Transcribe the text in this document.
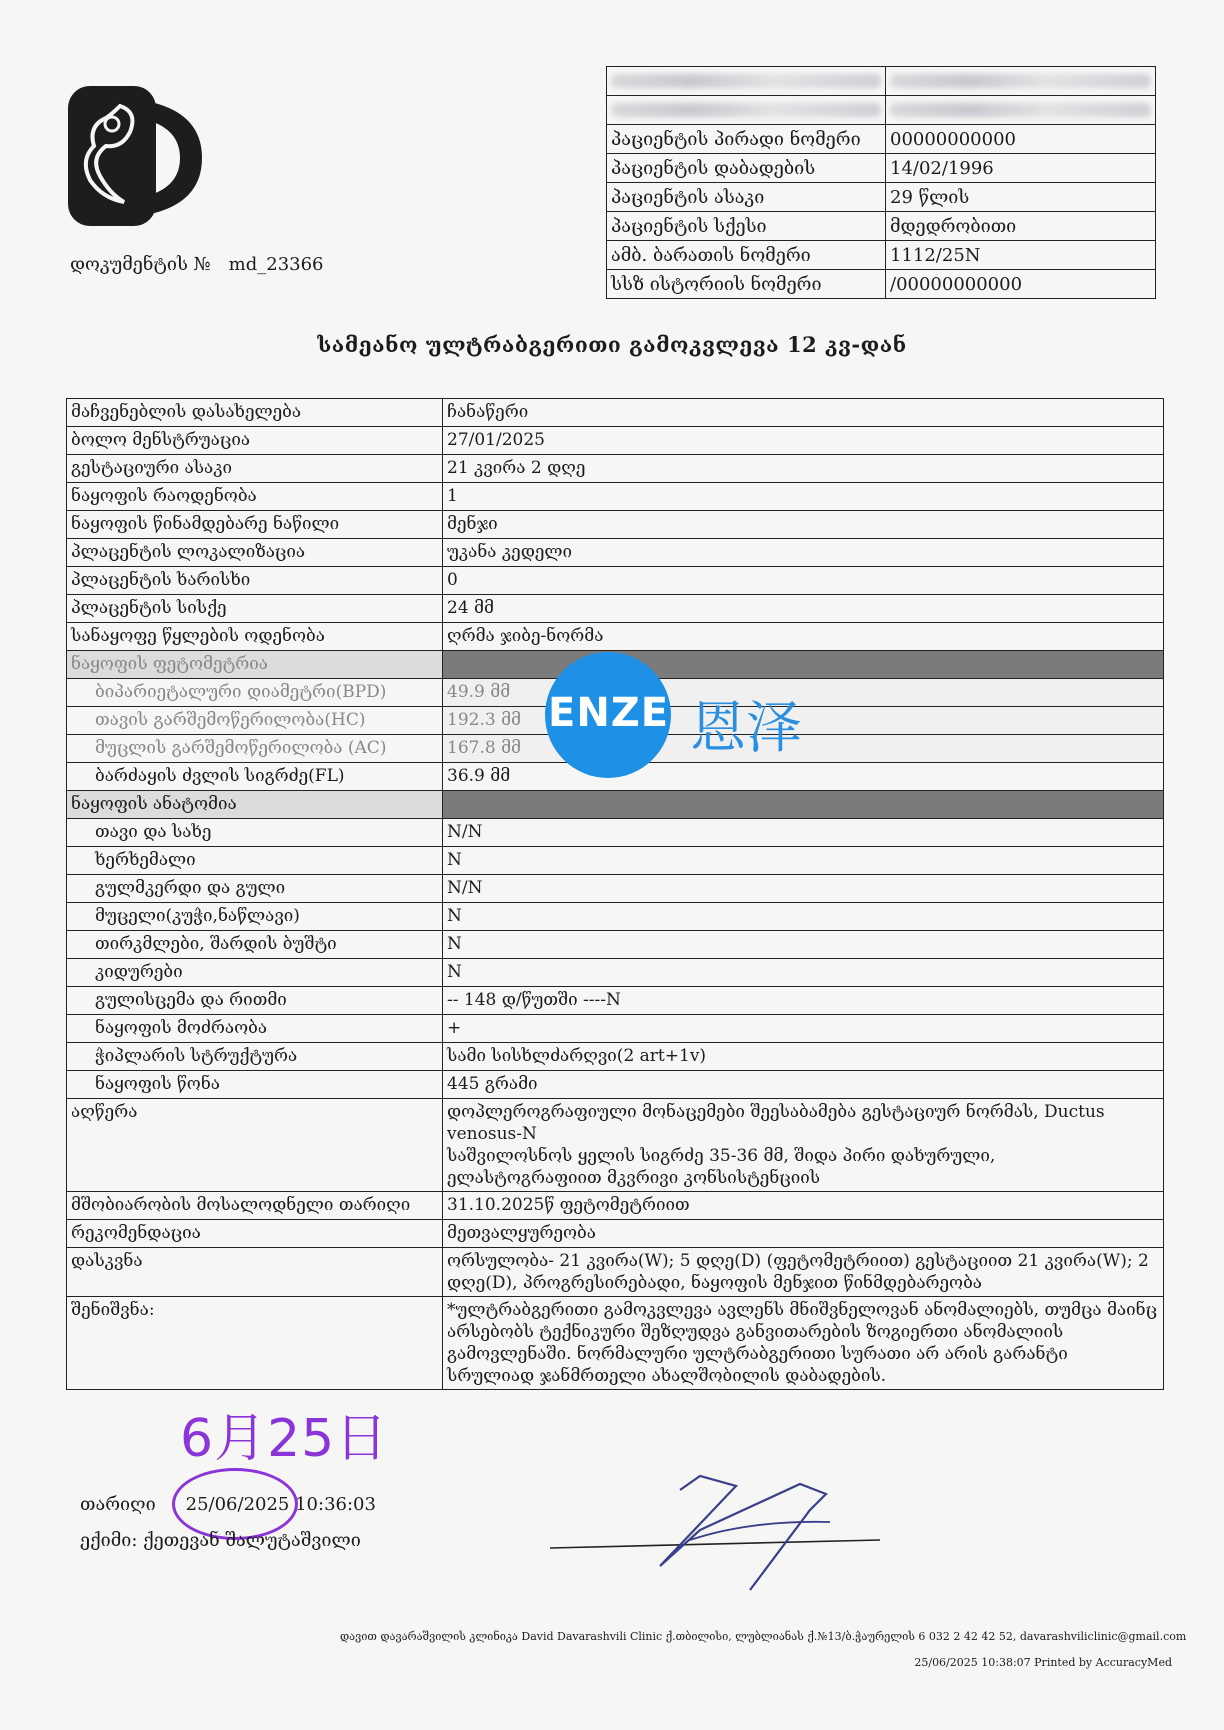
დოკუმენტის № md_23366

პაციენტის პირადი ნომერი	00000000000
პაციენტის დაბადების	14/02/1996
პაციენტის ასაკი	29 წლის
პაციენტის სქესი	მდედრობითი
ამბ. ბარათის ნომერი	1112/25N
სსზ ისტორიის ნომერი	/00000000000
სამეანო ულტრაბგერითი გამოკვლევა 12 კვ-დან
მაჩვენებლის დასახელება	ჩანაწერი
ბოლო მენსტრუაცია	27/01/2025
გესტაციური ასაკი	21 კვირა 2 დღე
ნაყოფის რაოდენობა	1
ნაყოფის წინამდებარე ნაწილი	მენჯი
პლაცენტის ლოკალიზაცია	უკანა კედელი
პლაცენტის ხარისხი	0
პლაცენტის სისქე	24 მმ
სანაყოფე წყლების ოდენობა	ღრმა ჯიბე-ნორმა
ნაყოფის ფეტომეტრია	
ბიპარიეტალური დიამეტრი(BPD)	49.9 მმ
თავის გარშემოწერილობა(HC)	192.3 მმ
მუცლის გარშემოწერილობა (AC)	167.8 მმ
ბარძაყის ძვლის სიგრძე(FL)	36.9 მმ
ნაყოფის ანატომია	
თავი და სახე	N/N
ხერხემალი	N
გულმკერდი და გული	N/N
მუცელი(კუჭი,ნაწლავი)	N
თირკმლები, შარდის ბუშტი	N
კიდურები	N
გულისცემა და რითმი	-- 148 დ/წუთში ----N
ნაყოფის მოძრაობა	+
ჭიპლარის სტრუქტურა	სამი სისხლძარღვი(2 art+1v)
ნაყოფის წონა	445 გრამი
აღწერა	დოპლეროგრაფიული მონაცემები შეესაბამება გესტაციურ ნორმას, Ductus
venosus-N
საშვილოსნოს ყელის სიგრძე 35-36 მმ, შიდა პირი დახურული,
ელასტოგრაფიით მკვრივი კონსისტენციის

მშობიარობის მოსალოდნელი თარიღი	31.10.2025წ ფეტომეტრიით
რეკომენდაცია	მეთვალყურეობა
დასკვნა	ორსულობა- 21 კვირა(W); 5 დღე(D) (ფეტომეტრიით) გესტაციით 21 კვირა(W); 2
დღე(D), პროგრესირებადი, ნაყოფის მენჯით წინმდებარეობა

შენიშვნა:	*ულტრაბგერითი გამოკვლევა ავლენს მნიშვნელოვან ანომალიებს, თუმცა მაინც
არსებობს ტექნიკური შეზღუდვა განვითარების ზოგიერთი ანომალიის
გამოვლენაში. ნორმალური ულტრაბგერითი სურათი არ არის გარანტი
სრულიად ჯანმრთელი ახალშობილის დაბადების.
ENZE 恩泽
6月25日
თარიღი 25/06/2025 10:36:03
ექიმი: ქეთევან შალუტაშვილი
დავით დავარაშვილის კლინიკა David Davarashvili Clinic ქ.თბილისი, ლუბლიანას ქ.№13/ბ.ჭაურელის 6 032 2 42 42 52, davarashviliclinic@gmail.com
25/06/2025 10:38:07 Printed by AccuracyMed
